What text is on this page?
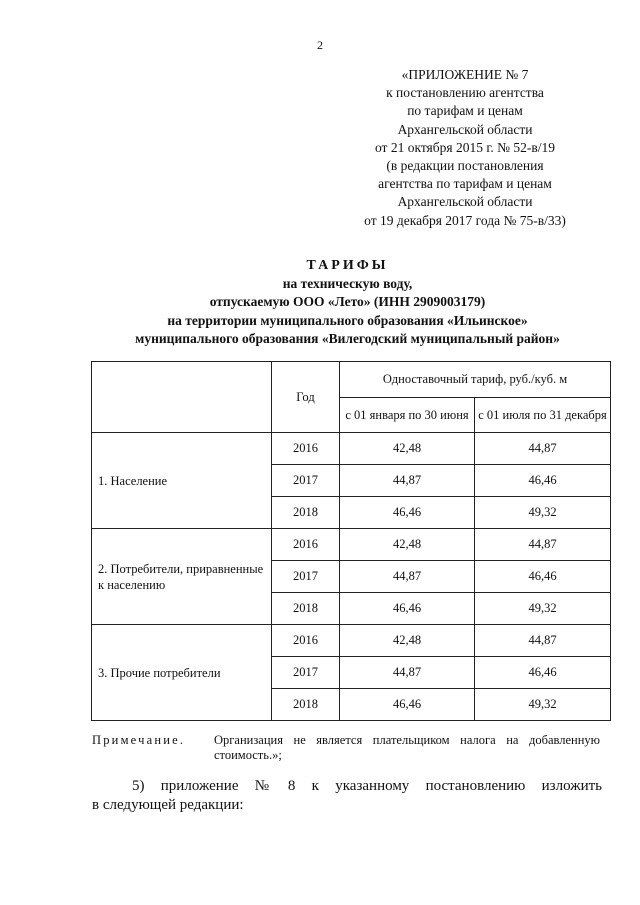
2
«ПРИЛОЖЕНИЕ № 7
к постановлению агентства
по тарифам и ценам
Архангельской области
от 21 октября 2015 г. № 52-в/19
(в редакции постановления
агентства по тарифам и ценам
Архангельской области
от 19 декабря 2017 года № 75-в/33)
ТАРИФЫ
на техническую воду,
отпускаемую ООО «Лето» (ИНН 2909003179)
на территории муниципального образования «Ильинское»
муниципального образования «Вилегодский муниципальный район»
	Год	Одноставочный тариф, руб./куб. м	
		с 01 января по 30 июня	с 01 июля по 31 декабря
1. Население	2016	42,48	44,87
	2017	44,87	46,46
	2018	46,46	49,32
2. Потребители, приравненные к населению	2016	42,48	44,87
	2017	44,87	46,46
	2018	46,46	49,32
3. Прочие потребители	2016	42,48	44,87
	2017	44,87	46,46
	2018	46,46	49,32
Примечание. Организация не является плательщиком налога на добавленную стоимость.»;
5) приложение № 8 к указанному постановлению изложить
в следующей редакции:
